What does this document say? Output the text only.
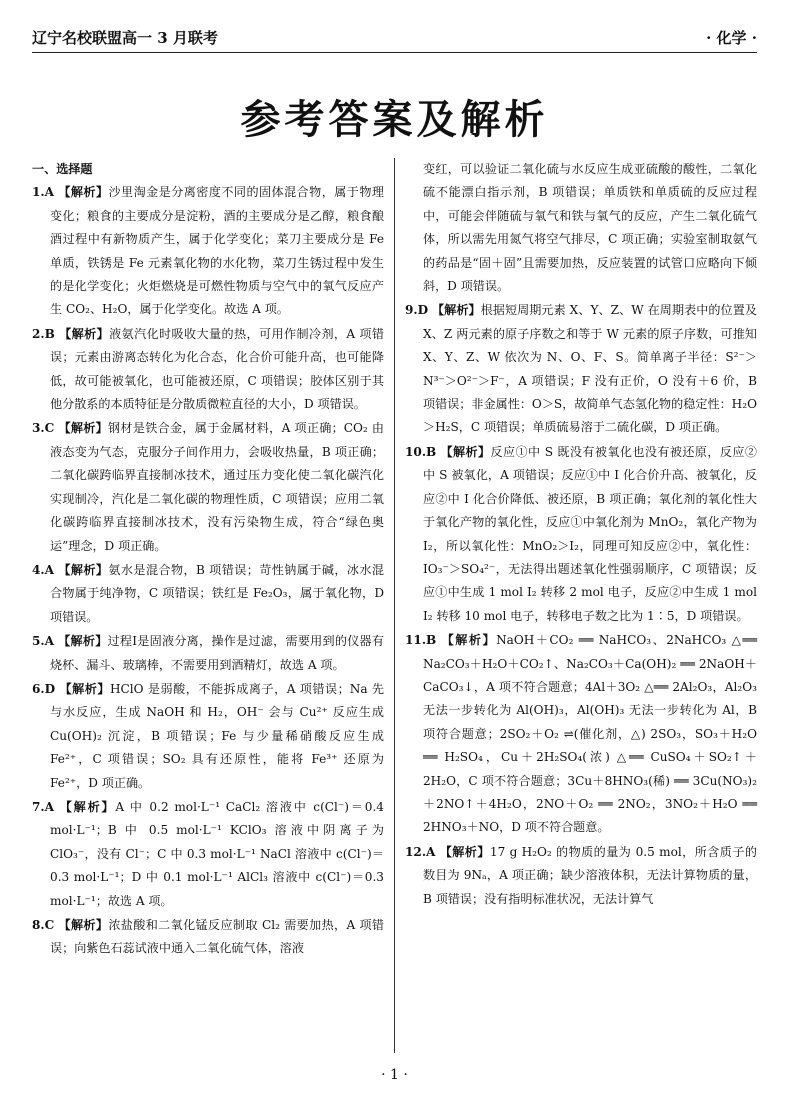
辽宁名校联盟高一 3 月联考	· 化学 ·
参考答案及解析

一、选择题

1.A 【解析】沙里淘金是分离密度不同的固体混合物，属于物理变化；粮食的主要成分是淀粉，酒的主要成分是乙醇，粮食酿酒过程中有新物质产生，属于化学变化；菜刀主要成分是 Fe 单质，铁锈是 Fe 元素氧化物的水化物，菜刀生锈过程中发生的是化学变化；火炬燃烧是可燃性物质与空气中的氧气反应产生 CO₂、H₂O，属于化学变化。故选 A 项。

2.B 【解析】液氨汽化时吸收大量的热，可用作制冷剂，A 项错误；元素由游离态转化为化合态，化合价可能升高，也可能降低，故可能被氧化，也可能被还原，C 项错误；胶体区别于其他分散系的本质特征是分散质微粒直径的大小，D 项错误。

3.C 【解析】钢材是铁合金，属于金属材料，A 项正确；CO₂ 由液态变为气态，克服分子间作用力，会吸收热量，B 项正确；二氧化碳跨临界直接制冰技术，通过压力变化使二氧化碳汽化实现制冷，汽化是二氧化碳的物理性质，C 项错误；应用二氧化碳跨临界直接制冰技术，没有污染物生成，符合“绿色奥运”理念，D 项正确。

4.A 【解析】氨水是混合物，B 项错误；苛性钠属于碱，冰水混合物属于纯净物，C 项错误；铁红是 Fe₂O₃，属于氧化物，D 项错误。

5.A 【解析】过程Ⅰ是固液分离，操作是过滤，需要用到的仪器有烧杯、漏斗、玻璃棒，不需要用到酒精灯，故选 A 项。

6.D 【解析】HClO 是弱酸，不能拆成离子，A 项错误；Na 先与水反应，生成 NaOH 和 H₂，OH⁻ 会与 Cu²⁺ 反应生成 Cu(OH)₂ 沉淀，B 项错误；Fe 与少量稀硝酸反应生成 Fe²⁺，C 项错误；SO₂ 具有还原性，能将 Fe³⁺ 还原为 Fe²⁺，D 项正确。

7.A 【解析】A 中 0.2 mol·L⁻¹ CaCl₂ 溶液中 c(Cl⁻)＝0.4 mol·L⁻¹；B 中 0.5 mol·L⁻¹ KClO₃ 溶液中阴离子为 ClO₃⁻，没有 Cl⁻；C 中 0.3 mol·L⁻¹ NaCl 溶液中 c(Cl⁻)＝0.3 mol·L⁻¹；D 中 0.1 mol·L⁻¹ AlCl₃ 溶液中 c(Cl⁻)＝0.3 mol·L⁻¹；故选 A 项。

8.C 【解析】浓盐酸和二氧化锰反应制取 Cl₂ 需要加热，A 项错误；向紫色石蕊试液中通入二氧化硫气体，溶液

变红，可以验证二氧化硫与水反应生成亚硫酸的酸性，二氧化硫不能漂白指示剂，B 项错误；单质铁和单质硫的反应过程中，可能会伴随硫与氧气和铁与氧气的反应，产生二氧化硫气体，所以需先用氮气将空气排尽，C 项正确；实验室制取氨气的药品是“固＋固”且需要加热，反应装置的试管口应略向下倾斜，D 项错误。

9.D 【解析】根据短周期元素 X、Y、Z、W 在周期表中的位置及 X、Z 两元素的原子序数之和等于 W 元素的原子序数，可推知 X、Y、Z、W 依次为 N、O、F、S。简单离子半径：S²⁻＞N³⁻＞O²⁻＞F⁻，A 项错误；F 没有正价，O 没有＋6 价，B 项错误；非金属性：O＞S，故简单气态氢化物的稳定性：H₂O＞H₂S，C 项错误；单质硫易溶于二硫化碳，D 项正确。

10.B 【解析】反应①中 S 既没有被氧化也没有被还原，反应②中 S 被氧化，A 项错误；反应①中 I 化合价升高、被氧化，反应②中 I 化合价降低、被还原，B 项正确；氧化剂的氧化性大于氧化产物的氧化性，反应①中氧化剂为 MnO₂，氧化产物为 I₂，所以氧化性：MnO₂＞I₂，同理可知反应②中，氧化性：IO₃⁻＞SO₄²⁻，无法得出题述氧化性强弱顺序，C 项错误；反应①中生成 1 mol I₂ 转移 2 mol 电子，反应②中生成 1 mol I₂ 转移 10 mol 电子，转移电子数之比为 1∶5，D 项错误。

11.B 【解析】NaOH＋CO₂ ══ NaHCO₃、2NaHCO₃ △══ Na₂CO₃＋H₂O＋CO₂↑、Na₂CO₃＋Ca(OH)₂ ══ 2NaOH＋CaCO₃↓，A 项不符合题意；4Al＋3O₂ △══ 2Al₂O₃，Al₂O₃ 无法一步转化为 Al(OH)₃，Al(OH)₃ 无法一步转化为 Al，B 项符合题意；2SO₂＋O₂ ⇌(催化剂，△) 2SO₃，SO₃＋H₂O ══ H₂SO₄，Cu＋2H₂SO₄(浓) △══ CuSO₄＋SO₂↑＋2H₂O，C 项不符合题意；3Cu＋8HNO₃(稀) ══ 3Cu(NO₃)₂＋2NO↑＋4H₂O，2NO＋O₂ ══ 2NO₂，3NO₂＋H₂O ══ 2HNO₃＋NO，D 项不符合题意。

12.A 【解析】17 g H₂O₂ 的物质的量为 0.5 mol，所含质子的数目为 9Nₐ，A 项正确；缺少溶液体积，无法计算物质的量，B 项错误；没有指明标准状况，无法计算气

· 1 ·
